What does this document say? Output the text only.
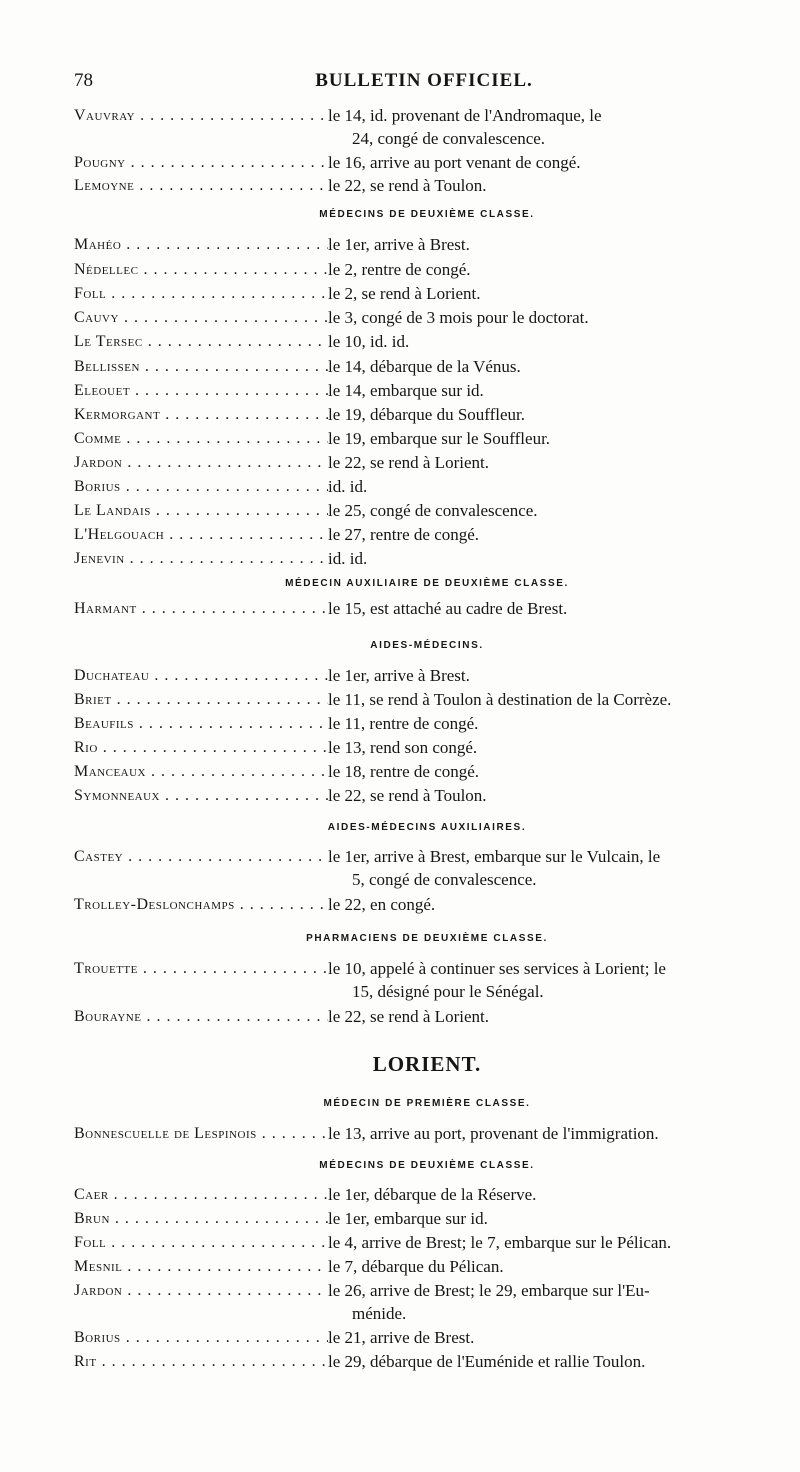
78	BULLETIN OFFICIEL.
Vauvray . . .	le 14, id. provenant de l'Andromaque, le
24, congé de convalescence.
Pougny . . .	le 16, arrive au port venant de congé.
Lemoyne . . .	le 22, se rend à Toulon.
MÉDECINS DE DEUXIÈME CLASSE.
Mahéo . . .	le 1er, arrive à Brest.
Nédellec . . .	le 2, rentre de congé.
Foll . . .	le 2, se rend à Lorient.
Cauvy . . .	le 3, congé de 3 mois pour le doctorat.
Le Tersec . . .	le 10, id. id.
Bellissen . . .	le 14, débarque de la Vénus.
Eleouet . . .	le 14, embarque sur id.
Kermorgant . . .	le 19, débarque du Souffleur.
Comme . . .	le 19, embarque sur le Souffleur.
Jardon . . .	le 22, se rend à Lorient.
Borius . . .	id. id.
Le Landais . . .	le 25, congé de convalescence.
L'Helgouach . . .	le 27, rentre de congé.
Jenevin . . .	id. id.
MÉDECIN AUXILIAIRE DE DEUXIÈME CLASSE.
Harmant . . .	le 15, est attaché au cadre de Brest.
AIDES-MÉDECINS.
Duchateau . . .	le 1er, arrive à Brest.
Briet . . .	le 11, se rend à Toulon à destination de la Corrèze.
Beaufils . . .	le 11, rentre de congé.
Rio . . .	le 13, rend son congé.
Manceaux . . .	le 18, rentre de congé.
Symonneaux . . .	le 22, se rend à Toulon.
AIDES-MÉDECINS AUXILIAIRES.
Castey . . .	le 1er, arrive à Brest, embarque sur le Vulcain, le
5, congé de convalescence.
Trolley-Deslonchamps . . .	le 22, en congé.
PHARMACIENS DE DEUXIÈME CLASSE.
Trouette . . .	le 10, appelé à continuer ses services à Lorient; le
15, désigné pour le Sénégal.
Bourayne . . .	le 22, se rend à Lorient.
LORIENT.
MÉDECIN DE PREMIÈRE CLASSE.
Bonnescuelle de Lespinois . . .	le 13, arrive au port, provenant de l'immigration.
MÉDECINS DE DEUXIÈME CLASSE.
Caer . . .	le 1er, débarque de la Réserve.
Brun . . .	le 1er, embarque sur id.
Foll . . .	le 4, arrive de Brest; le 7, embarque sur le Pélican.
Mesnil . . .	le 7, débarque du Pélican.
Jardon . . .	le 26, arrive de Brest; le 29, embarque sur l'Eu-
ménide.
Borius . . .	le 21, arrive de Brest.
Rit . . .	le 29, débarque de l'Euménide et rallie Toulon.
